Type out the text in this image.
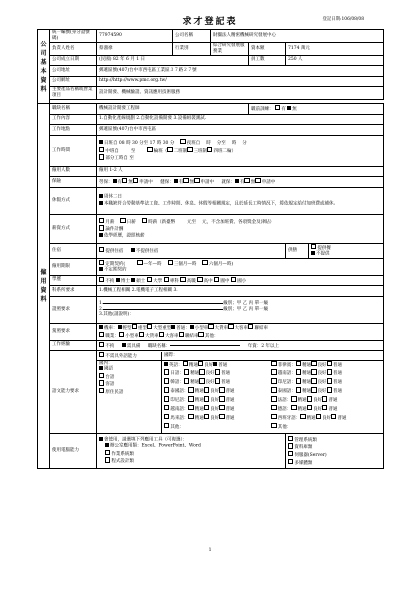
求才登記表	登記日期:106/08/08
公司基本資料	統一編號(身分證號碼)	77974590	公司名稱	財團法人精密機械研究發展中心
負責人姓名	蔡鴻祿	行業別	綜合研究發展服務業	資本額	7174 萬元
公司成立日期	(民國) 82 年 6 月 1 日	員工數	250 人
公司地址	郵遞區號(407)台中市西屯區工業區３７路２７號
公司網址	http://http://www.pmc.org.tw/
主要產品名稱或營業項目	設計開發、機械驗證、資訊應用技術服務

僱用資料	職缺名稱	機械設計開發工程師	職前訓練： 有 無
工作內容	1.自動化產線規劃 2.自動化設備開發 3.設備組裝測試.
工作地點	郵遞區號(407)台中市西屯區
工作時間	
日班自 08 時 30 分至 17 時 30 分	夜班自 時 分至 時 分
中班自	至	輪班（ 二班制 三班制 四班二輪）
部分工時自 至

僱用人數	僱用 1-2 人
保險	勞保： 有 無 申請中 健保： 有 無 申請中 就保： 有 無 申請中
休假方式	
周休二日
本職缺符合勞動基準法工資、工作時間、休息、休假等相關規定，且於延長工時情況下，將依規定給付加班費或補休。

薪資方式	
月薪	日薪	時薪（新臺幣	元至 元，不含加班費、各項獎金及津貼）
論件計酬
依學經歷，證照核薪

住宿	提供住宿	不提供住宿	供膳	提供餐
不提供

僱用期限	定期契約(	—年—時	三個月—時	六個月—時)
不定期契約

學歷	不拘 博士 碩士 大學 專科 高職 高中 國中 國小
科系所要求	1.機械工程相關 2.電機電子工程相關 3.
證照要求	
1.	級別；甲 乙 丙 單一級
2.	級別；甲 乙 丙 單一級
3.其他(請說明)：

駕照要求	
機車： 輕型 重型 大型重型 普通： 小型車 大貨車 大客車 聯結車
職業： 小型車 大貨車 大客車 聯結車 其他：

工作經驗	不拘	需具備 職缺名稱：	年資：2 年以上
語文能力要求	
不需具外語能力	國際：

國內：
國語
台語
客語
原住民語

英語： 精通 良好 普通
日語： 精通 良好 普通
韓語： 精通 良好 普通
泰國語： 精通 良好 普通
印尼語： 精通 良好 普通
越南語： 精通 良好 普通
馬來語： 精通 良好 普通
其他：

菲律賓： 精通 良好 普通
越南語： 精通 良好 普通
印尼語： 精通 良好 普通
泰國語： 精通 良好 普通
法語： 精通 良好 普通
德語： 精通 良好 普通
西班牙語： 精通 良好 普通
其他：

使用電腦能力	
會使用，請選填下列應用工具（可複選）：
辦公室應用類：Excel、PowerPoint、Word
作業系統類
程式設計類

管理系統類
資料庫類
伺服器(Server)
多媒體類
1
